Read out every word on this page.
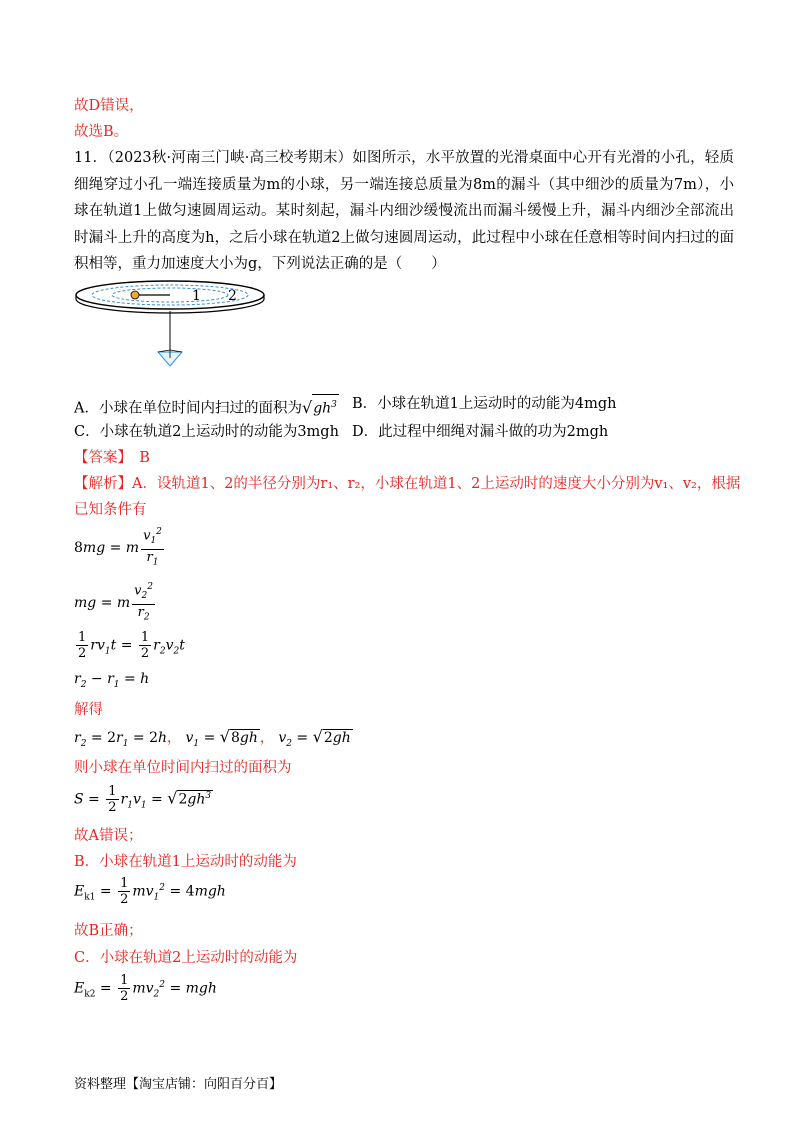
故D错误，
故选B。
11．（2023秋·河南三门峡·高三校考期末）如图所示，水平放置的光滑桌面中心开有光滑的小孔，轻质细绳穿过小孔一端连接质量为m的小球，另一端连接总质量为8m的漏斗（其中细沙的质量为7m），小球在轨道1上做匀速圆周运动。某时刻起，漏斗内细沙缓慢流出而漏斗缓慢上升，漏斗内细沙全部流出时漏斗上升的高度为h，之后小球在轨道2上做匀速圆周运动，此过程中小球在任意相等时间内扫过的面积相等，重力加速度大小为g，下列说法正确的是（　　）
1 2
A．小球在单位时间内扫过的面积为$√gh^3$ B．小球在轨道1上运动时的动能为4mgh
C．小球在轨道2上运动时的动能为3mgh D．此过程中细绳对漏斗做的功为2mgh
【答案】　B
【解析】A．设轨道1、2的半径分别为r₁、r₂，小球在轨道1、2上运动时的速度大小分别为v₁、v₂，根据
已知条件有
8mg = m $\frac{v_1^2}{r_1}$
mg = m $\frac{v_2^2}{r_2}$
$\frac{1}{2} rv_1t = \frac{1}{2} r_2v_2t$
$r_2 - r_1 = h$
解得
$r_2 = 2r_1 = 2h$， $v_1 = √8gh$ ， $v_2 = √2gh$
则小球在单位时间内扫过的面积为
$S = \frac{1}{2} r_1v_1 = √2gh^3$
故A错误；
B．小球在轨道1上运动时的动能为
$E_{k1} = \frac{1}{2} mv_1^2 = 4mgh$
故B正确；
C．小球在轨道2上运动时的动能为
$E_{k2} = \frac{1}{2} mv_2^2$ = mgh
资料整理【淘宝店铺：向阳百分百】
